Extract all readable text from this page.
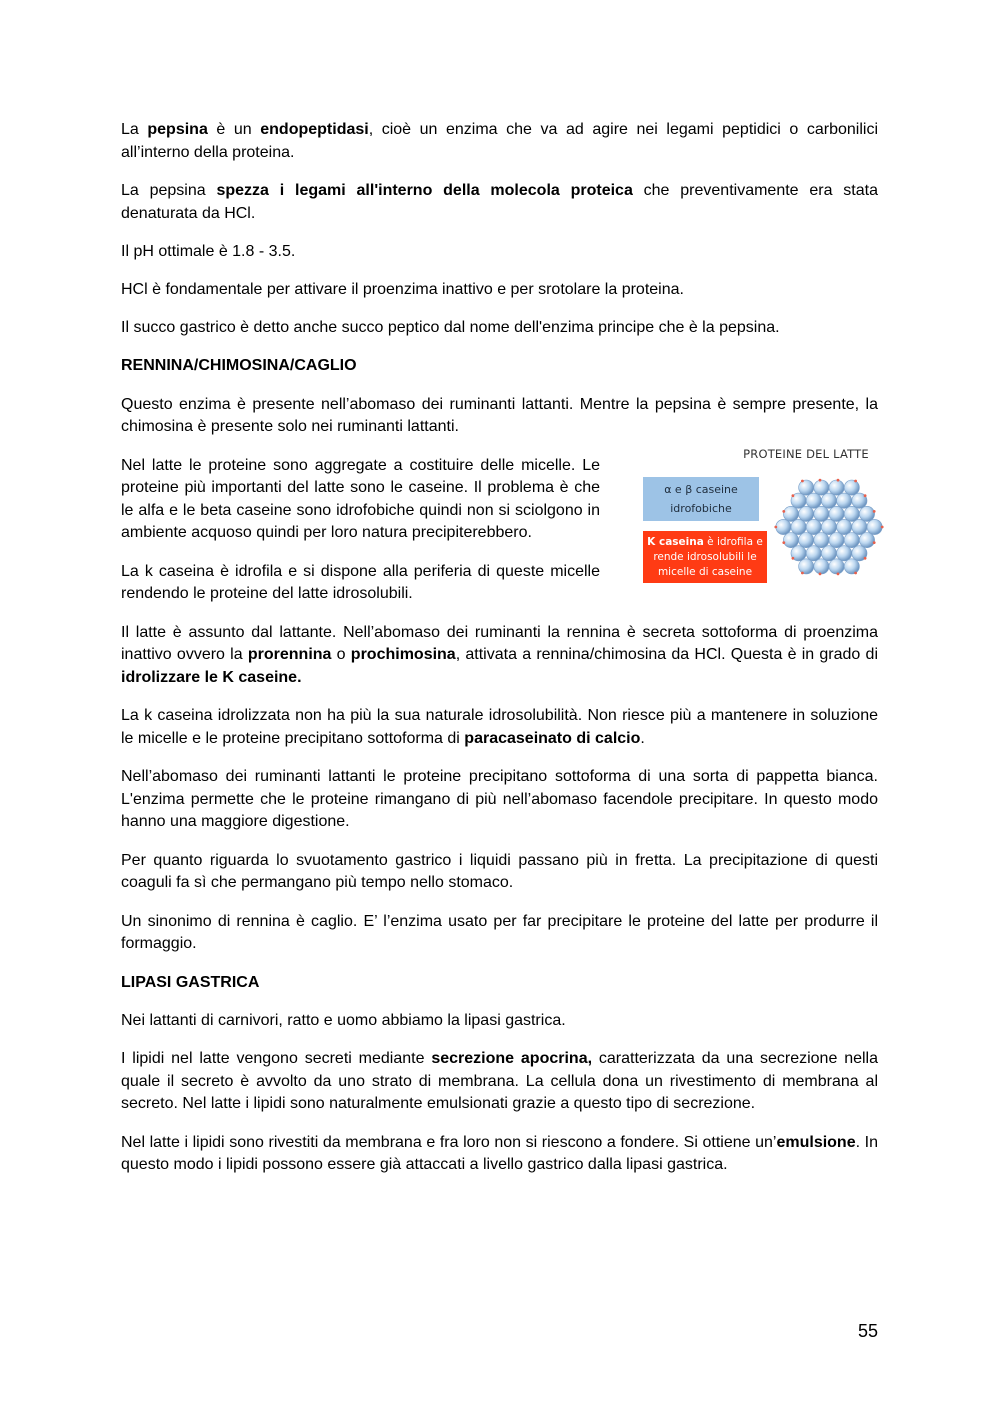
La pepsina è un endopeptidasi, cioè un enzima che va ad agire nei legami peptidici o carbonilici all’interno della proteina.

La pepsina spezza i legami all'interno della molecola proteica che preventivamente era stata denaturata da HCl.

Il pH ottimale è 1.8 - 3.5.

HCl è fondamentale per attivare il proenzima inattivo e per srotolare la proteina.

Il succo gastrico è detto anche succo peptico dal nome dell'enzima principe che è la pepsina.

RENNINA/CHIMOSINA/CAGLIO

Questo enzima è presente nell’abomaso dei ruminanti lattanti. Mentre la pepsina è sempre presente, la chimosina è presente solo nei ruminanti lattanti.

Nel latte le proteine sono aggregate a costituire delle micelle. Le proteine più importanti del latte sono le caseine. Il problema è che le alfa e le beta caseine sono idrofobiche quindi non si sciolgono in ambiente acquoso quindi per loro natura precipiterebbero.

La k caseina è idrofila e si dispone alla periferia di queste micelle rendendo le proteine del latte idrosolubili.

PROTEINE DEL LATTE
α e β caseine
idrofobiche
K caseina è idrofila e
rende idrosolubili le
micelle di caseine

Il latte è assunto dal lattante. Nell’abomaso dei ruminanti la rennina è secreta sottoforma di proenzima inattivo ovvero la prorennina o prochimosina, attivata a rennina/chimosina da HCl. Questa è in grado di idrolizzare le K caseine.

La k caseina idrolizzata non ha più la sua naturale idrosolubilità. Non riesce più a mantenere in soluzione le micelle e le proteine precipitano sottoforma di paracaseinato di calcio.

Nell’abomaso dei ruminanti lattanti le proteine precipitano sottoforma di una sorta di pappetta bianca. L'enzima permette che le proteine rimangano di più nell’abomaso facendole precipitare. In questo modo hanno una maggiore digestione.

Per quanto riguarda lo svuotamento gastrico i liquidi passano più in fretta. La precipitazione di questi coaguli fa sì che permangano più tempo nello stomaco.

Un sinonimo di rennina è caglio. E’ l’enzima usato per far precipitare le proteine del latte per produrre il formaggio.

LIPASI GASTRICA

Nei lattanti di carnivori, ratto e uomo abbiamo la lipasi gastrica.

I lipidi nel latte vengono secreti mediante secrezione apocrina, caratterizzata da una secrezione nella quale il secreto è avvolto da uno strato di membrana. La cellula dona un rivestimento di membrana al secreto. Nel latte i lipidi sono naturalmente emulsionati grazie a questo tipo di secrezione.

Nel latte i lipidi sono rivestiti da membrana e fra loro non si riescono a fondere. Si ottiene un’emulsione. In questo modo i lipidi possono essere già attaccati a livello gastrico dalla lipasi gastrica.

55
